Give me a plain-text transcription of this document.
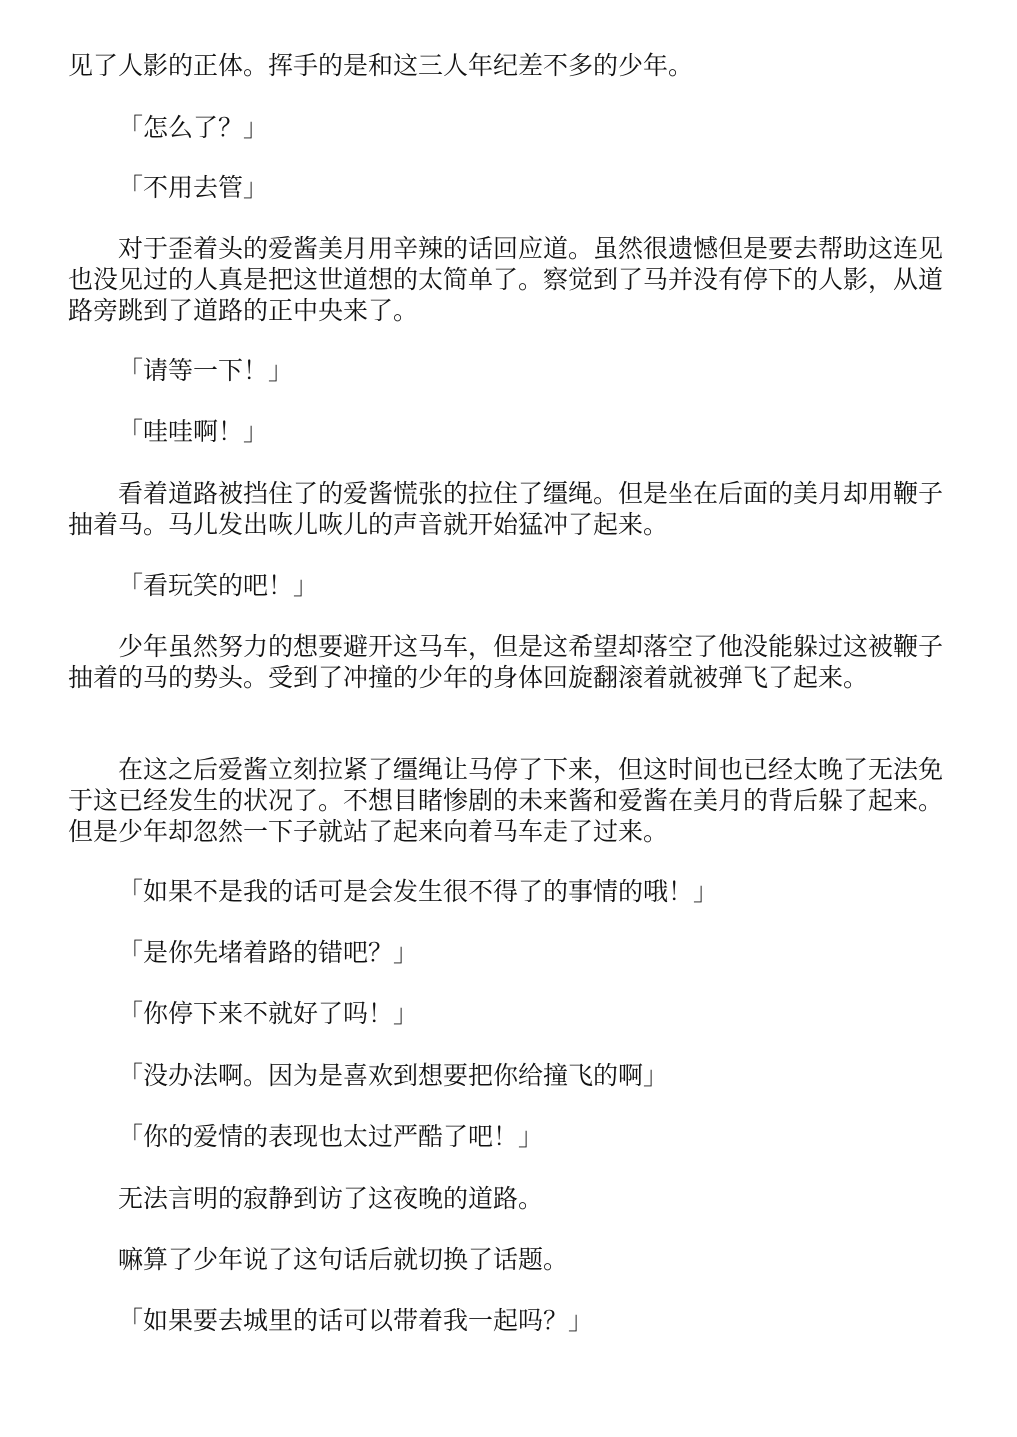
见了人影的正体。挥手的是和这三人年纪差不多的少年。

「怎么了？」

「不用去管」

对于歪着头的爱酱美月用辛辣的话回应道。虽然很遗憾但是要去帮助这连见也没见过的人真是把这世道想的太简单了。察觉到了马并没有停下的人影，从道路旁跳到了道路的正中央来了。

「请等一下！」

「哇哇啊！」

看着道路被挡住了的爱酱慌张的拉住了缰绳。但是坐在后面的美月却用鞭子抽着马。马儿发出咴儿咴儿的声音就开始猛冲了起来。

「看玩笑的吧！」

少年虽然努力的想要避开这马车，但是这希望却落空了他没能躲过这被鞭子抽着的马的势头。受到了冲撞的少年的身体回旋翻滚着就被弹飞了起来。

在这之后爱酱立刻拉紧了缰绳让马停了下来，但这时间也已经太晚了无法免于这已经发生的状况了。不想目睹惨剧的未来酱和爱酱在美月的背后躲了起来。但是少年却忽然一下子就站了起来向着马车走了过来。

「如果不是我的话可是会发生很不得了的事情的哦！」

「是你先堵着路的错吧？」

「你停下来不就好了吗！」

「没办法啊。因为是喜欢到想要把你给撞飞的啊」

「你的爱情的表现也太过严酷了吧！」

无法言明的寂静到访了这夜晚的道路。

嘛算了少年说了这句话后就切换了话题。

「如果要去城里的话可以带着我一起吗？」
